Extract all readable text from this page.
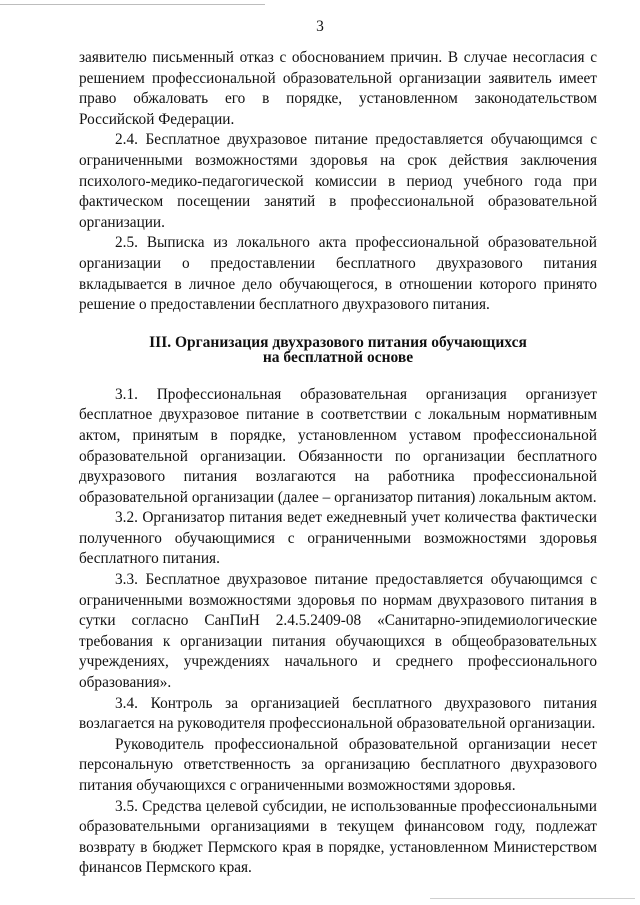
3

заявителю письменный отказ с обоснованием причин. В случае несогласия с решением профессиональной образовательной организации заявитель имеет право обжаловать его в порядке, установленном законодательством Российской Федерации.

2.4. Бесплатное двухразовое питание предоставляется обучающимся с ограниченными возможностями здоровья на срок действия заключения психолого-медико-педагогической комиссии в период учебного года при фактическом посещении занятий в профессиональной образовательной организации.

2.5. Выписка из локального акта профессиональной образовательной организации о предоставлении бесплатного двухразового питания вкладывается в личное дело обучающегося, в отношении которого принято решение о предоставлении бесплатного двухразового питания.

III. Организация двухразового питания обучающихся
на бесплатной основе

3.1. Профессиональная образовательная организация организует бесплатное двухразовое питание в соответствии с локальным нормативным актом, принятым в порядке, установленном уставом профессиональной образовательной организации. Обязанности по организации бесплатного двухразового питания возлагаются на работника профессиональной образовательной организации (далее – организатор питания) локальным актом.

3.2. Организатор питания ведет ежедневный учет количества фактически полученного обучающимися с ограниченными возможностями здоровья бесплатного питания.

3.3. Бесплатное двухразовое питание предоставляется обучающимся с ограниченными возможностями здоровья по нормам двухразового питания в сутки согласно СанПиН 2.4.5.2409-08 «Санитарно-эпидемиологические требования к организации питания обучающихся в общеобразовательных учреждениях, учреждениях начального и среднего профессионального образования».

3.4. Контроль за организацией бесплатного двухразового питания возлагается на руководителя профессиональной образовательной организации.

Руководитель профессиональной образовательной организации несет персональную ответственность за организацию бесплатного двухразового питания обучающихся с ограниченными возможностями здоровья.

3.5. Средства целевой субсидии, не использованные профессиональными образовательными организациями в текущем финансовом году, подлежат возврату в бюджет Пермского края в порядке, установленном Министерством финансов Пермского края.
